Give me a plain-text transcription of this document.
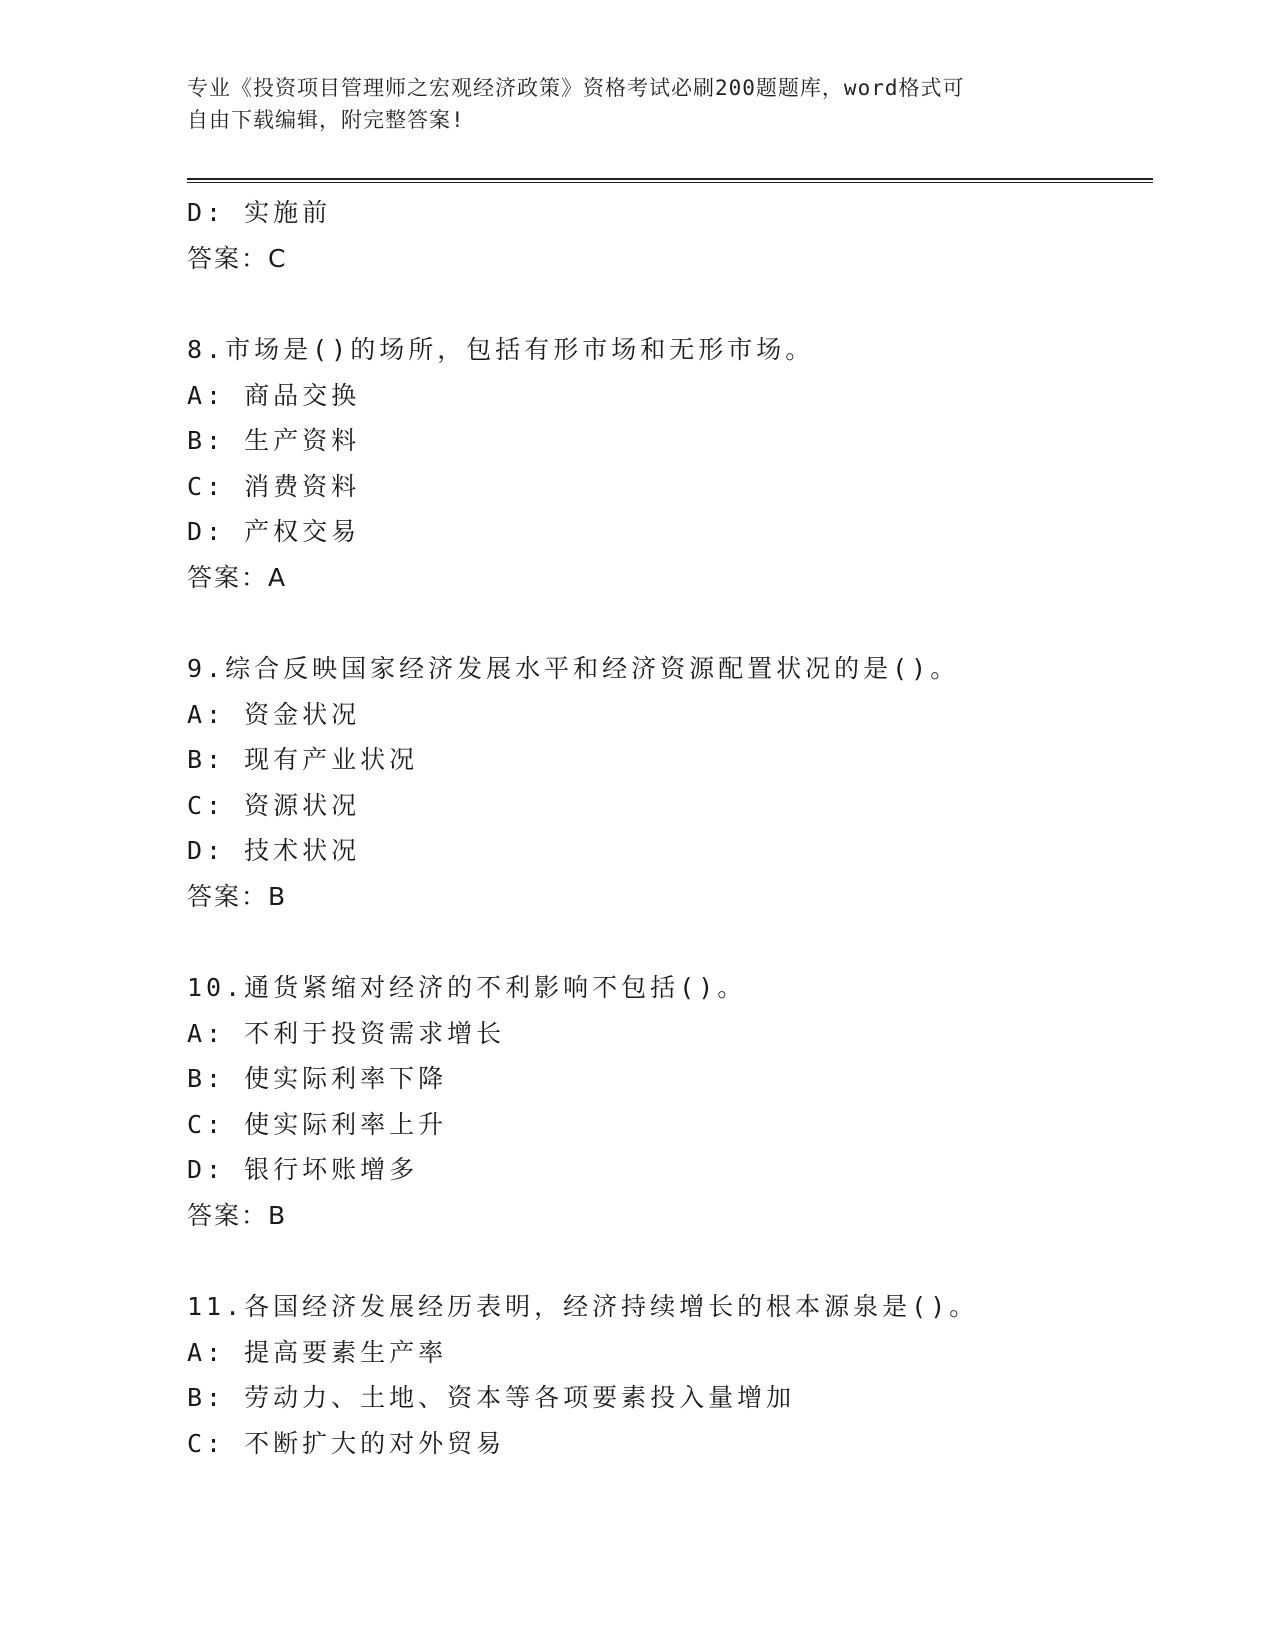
专业《投资项目管理师之宏观经济政策》资格考试必刷200题题库，word格式可
自由下载编辑，附完整答案!
D: 实施前
答案：C
8.市场是()的场所，包括有形市场和无形市场。
A: 商品交换
B: 生产资料
C: 消费资料
D: 产权交易
答案：A
9.综合反映国家经济发展水平和经济资源配置状况的是()。
A: 资金状况
B: 现有产业状况
C: 资源状况
D: 技术状况
答案：B
10.通货紧缩对经济的不利影响不包括()。
A: 不利于投资需求增长
B: 使实际利率下降
C: 使实际利率上升
D: 银行坏账增多
答案：B
11.各国经济发展经历表明，经济持续增长的根本源泉是()。
A: 提高要素生产率
B: 劳动力、土地、资本等各项要素投入量增加
C: 不断扩大的对外贸易
